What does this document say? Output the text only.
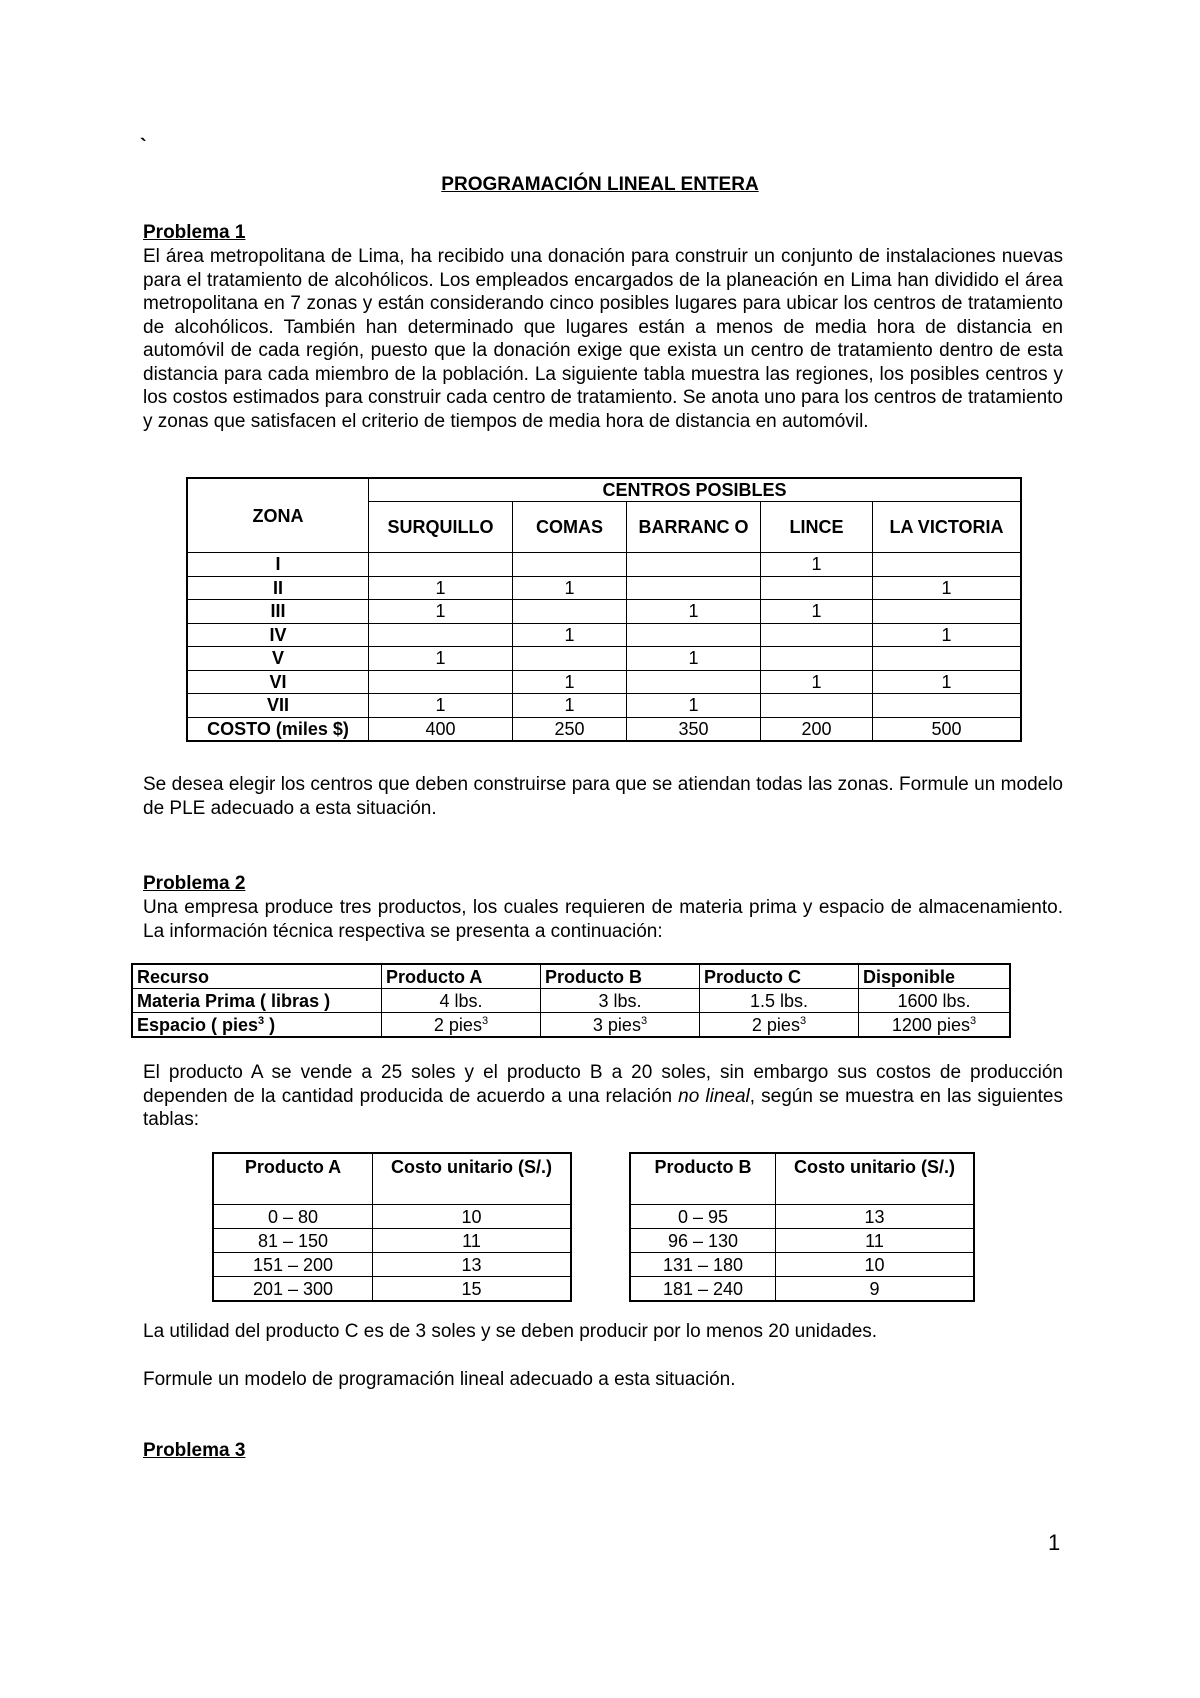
`
PROGRAMACIÓN LINEAL ENTERA
Problema 1
El área metropolitana de Lima, ha recibido una donación para construir un conjunto de instalaciones nuevas para el tratamiento de alcohólicos. Los empleados encargados de la planeación en Lima han dividido el área metropolitana en 7 zonas y están considerando cinco posibles lugares para ubicar los centros de tratamiento de alcohólicos. También han determinado que lugares están a menos de media hora de distancia en automóvil de cada región, puesto que la donación exige que exista un centro de tratamiento dentro de esta distancia para cada miembro de la población. La siguiente tabla muestra las regiones, los posibles centros y los costos estimados para construir cada centro de tratamiento. Se anota uno para los centros de tratamiento y zonas que satisfacen el criterio de tiempos de media hora de distancia en automóvil.
ZONA	CENTROS POSIBLES				
	SURQUILLO	COMAS	BARRANC O	LINCE	LA VICTORIA
I				1	
II	1	1			1
III	1		1	1	
IV		1			1
V	1		1		
VI		1		1	1
VII	1	1	1		
COSTO (miles $)	400	250	350	200	500
Se desea elegir los centros que deben construirse para que se atiendan todas las zonas. Formule un modelo de PLE adecuado a esta situación.
Problema 2
Una empresa produce tres productos, los cuales requieren de materia prima y espacio de almacenamiento. La información técnica respectiva se presenta a continuación:
Recurso	Producto A	Producto B	Producto C	Disponible
Materia Prima ( libras )	4 lbs.	3 lbs.	1.5 lbs.	1600 lbs.
Espacio ( pies$^3$ )	2 pies$^3$	3 pies$^3$	2 pies$^3$	1200 pies$^3$
El producto A se vende a 25 soles y el producto B a 20 soles, sin embargo sus costos de producción dependen de la cantidad producida de acuerdo a una relación no lineal, según se muestra en las siguientes tablas:
Producto A	Costo unitario (S/.)
0 – 80	10
81 – 150	11
151 – 200	13
201 – 300	15
Producto B	Costo unitario (S/.)
0 – 95	13
96 – 130	11
131 – 180	10
181 – 240	9
La utilidad del producto C es de 3 soles y se deben producir por lo menos 20 unidades.
Formule un modelo de programación lineal adecuado a esta situación.
Problema 3
1
